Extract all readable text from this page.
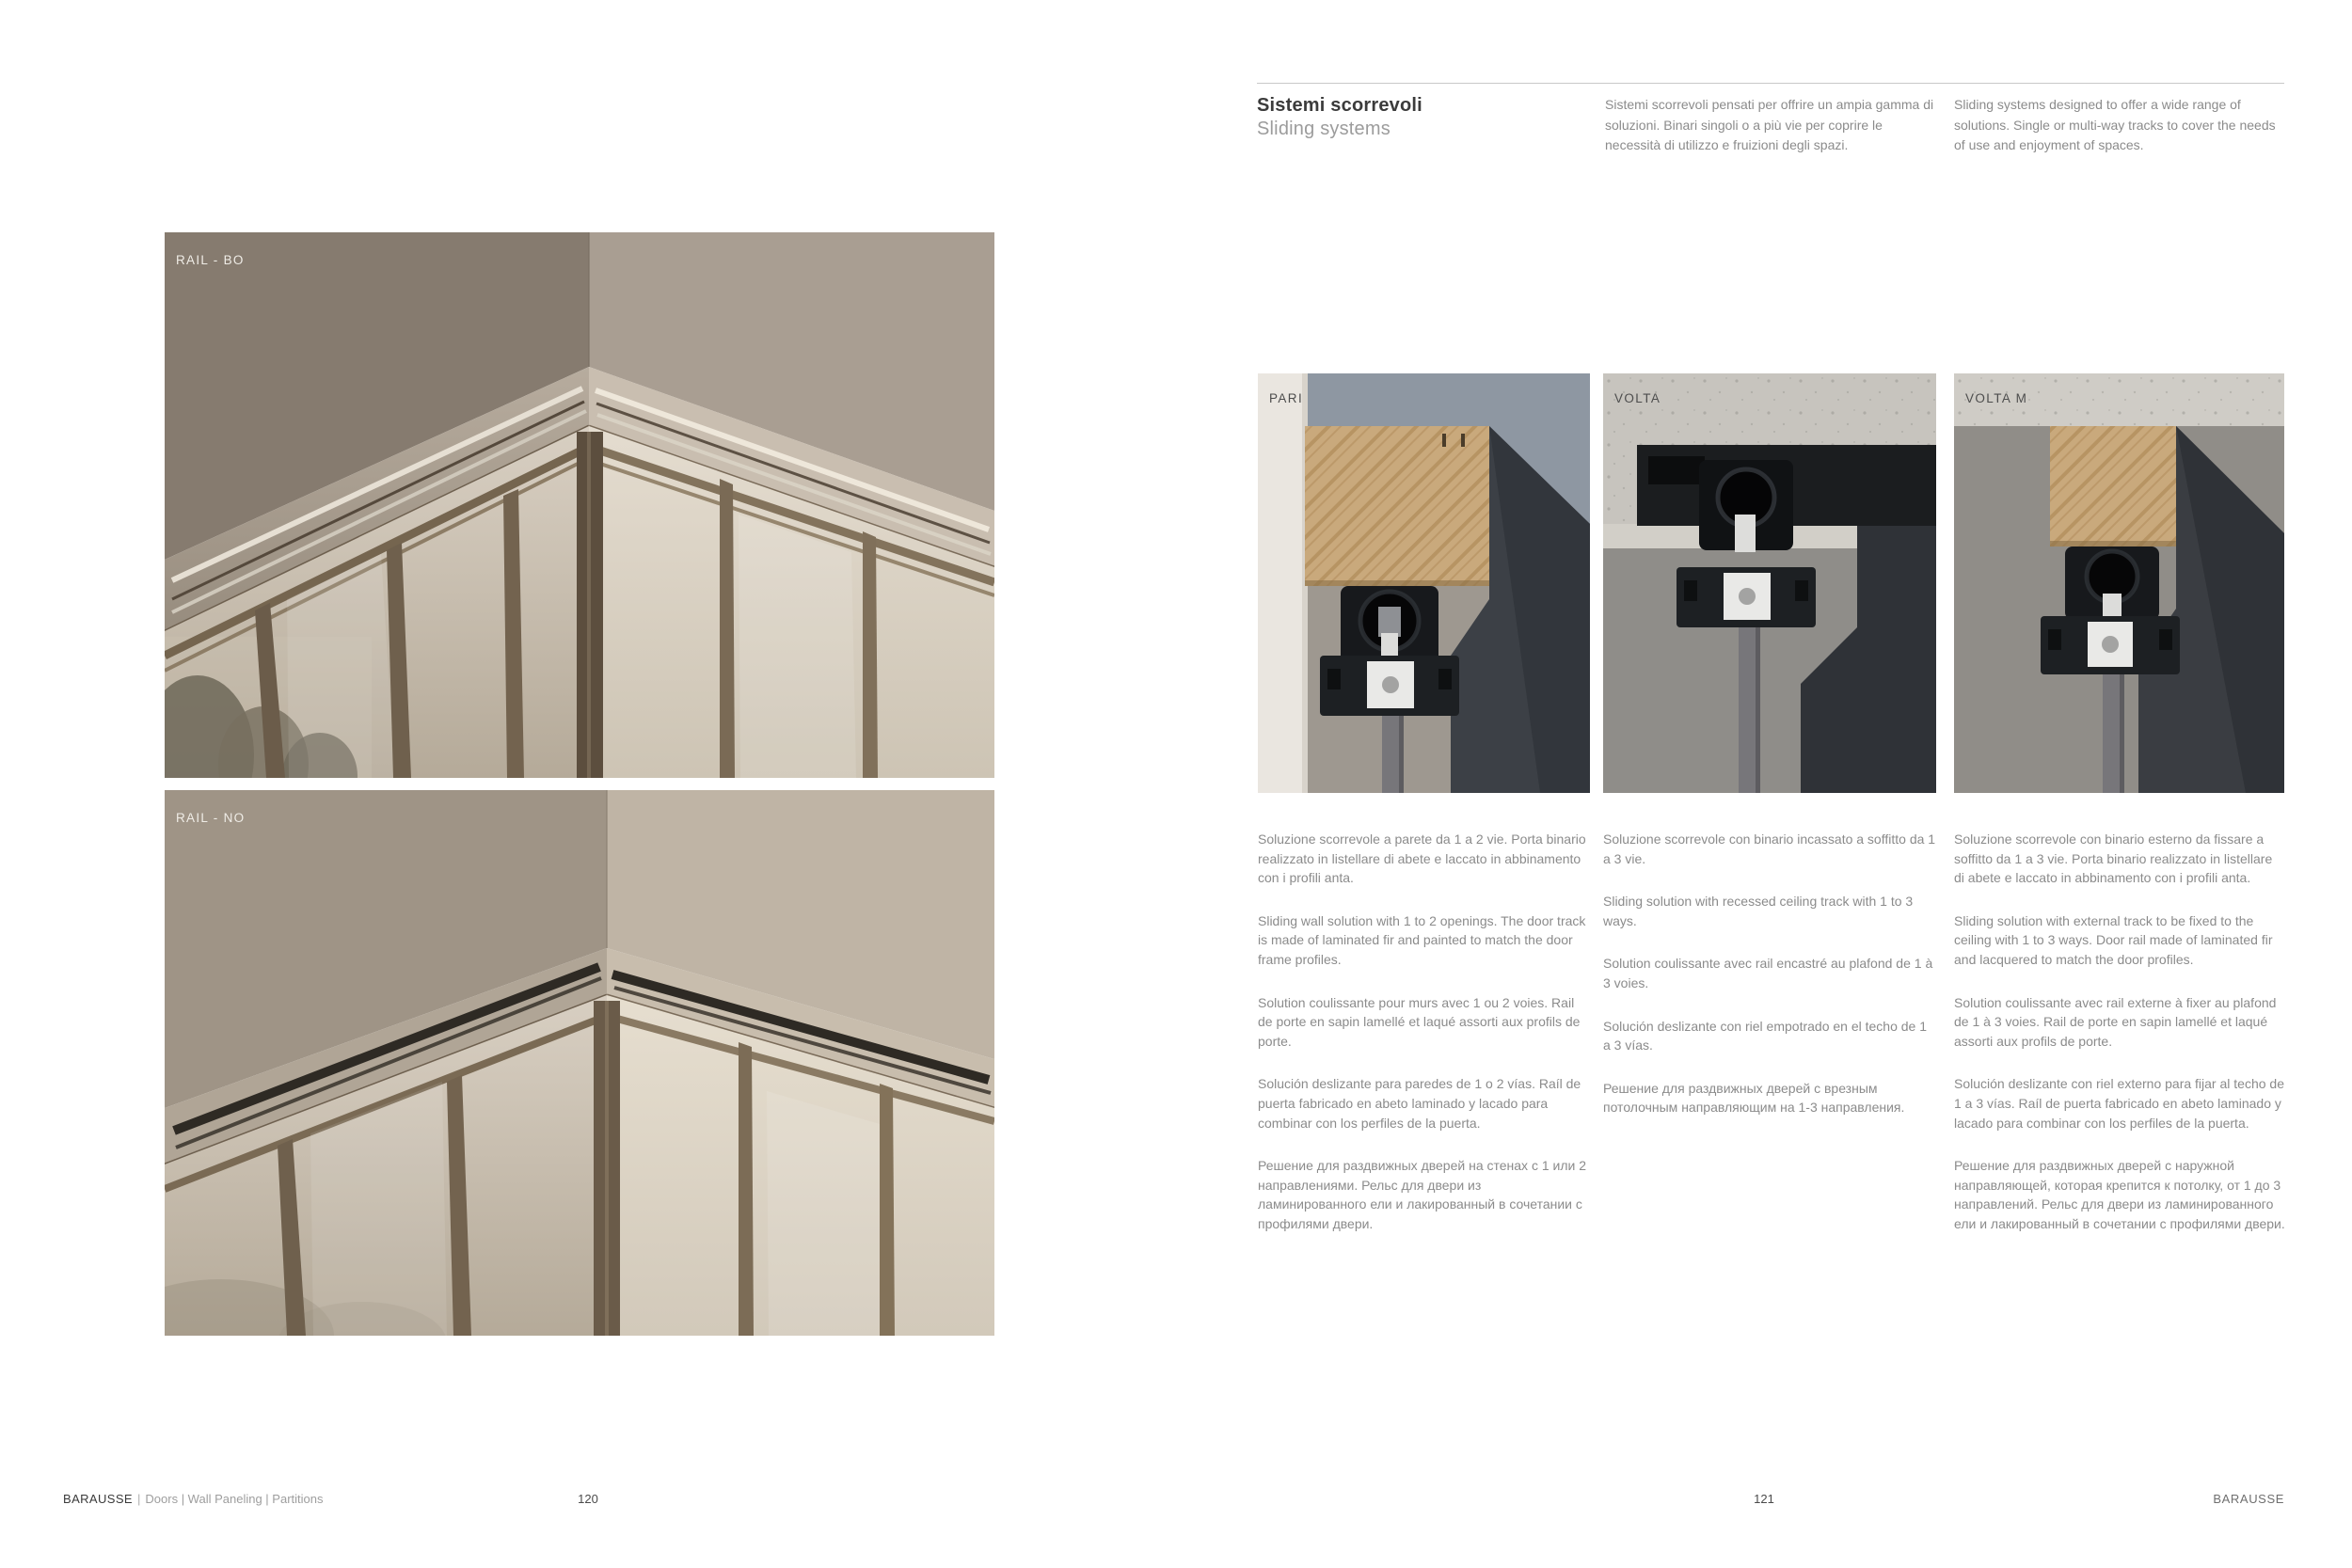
RAIL - BO
RAIL - NO
BARAUSSE | Doors | Wall Paneling | Partitions	120
Sistemi scorrevoli
Sliding systems
Sistemi scorrevoli pensati per offrire un ampia gamma di soluzioni. Binari singoli o a più vie per coprire le necessità di utilizzo e fruizioni degli spazi.
Sliding systems designed to offer a wide range of solutions. Single or multi-way tracks to cover the needs of use and enjoyment of spaces.
PARI	VOLTA	VOLTA M

Soluzione scorrevole a parete da 1 a 2 vie. Porta binario realizzato in listellare di abete e laccato in abbinamento con i profili anta.

Sliding wall solution with 1 to 2 openings. The door track is made of laminated fir and painted to match the door frame profiles.

Solution coulissante pour murs avec 1 ou 2 voies. Rail de porte en sapin lamellé et laqué assorti aux profils de porte.

Solución deslizante para paredes de 1 o 2 vías. Raíl de puerta fabricado en abeto laminado y lacado para combinar con los perfiles de la puerta.

Решение для раздвижных дверей на стенах с 1 или 2 направлениями. Рельс для двери из ламинированного ели и лакированный в сочетании с профилями двери.

Soluzione scorrevole con binario incassato a soffitto da 1 a 3 vie.

Sliding solution with recessed ceiling track with 1 to 3 ways.

Solution coulissante avec rail encastré au plafond de 1 à 3 voies.

Solución deslizante con riel empotrado en el techo de 1 a 3 vías.

Решение для раздвижных дверей с врезным потолочным направляющим на 1-3 направления.

Soluzione scorrevole con binario esterno da fissare a soffitto da 1 a 3 vie. Porta binario realizzato in listellare di abete e laccato in abbinamento con i profili anta.

Sliding solution with external track to be fixed to the ceiling with 1 to 3 ways. Door rail made of laminated fir and lacquered to match the door profiles.

Solution coulissante avec rail externe à fixer au plafond de 1 à 3 voies. Rail de porte en sapin lamellé et laqué assorti aux profils de porte.

Solución deslizante con riel externo para fijar al techo de 1 a 3 vías. Raíl de puerta fabricado en abeto laminado y lacado para combinar con los perfiles de la puerta.

Решение для раздвижных дверей с наружной направляющей, которая крепится к потолку, от 1 до 3 направлений. Рельс для двери из ламинированного ели и лакированный в сочетании с профилями двери.

121	BARAUSSE
